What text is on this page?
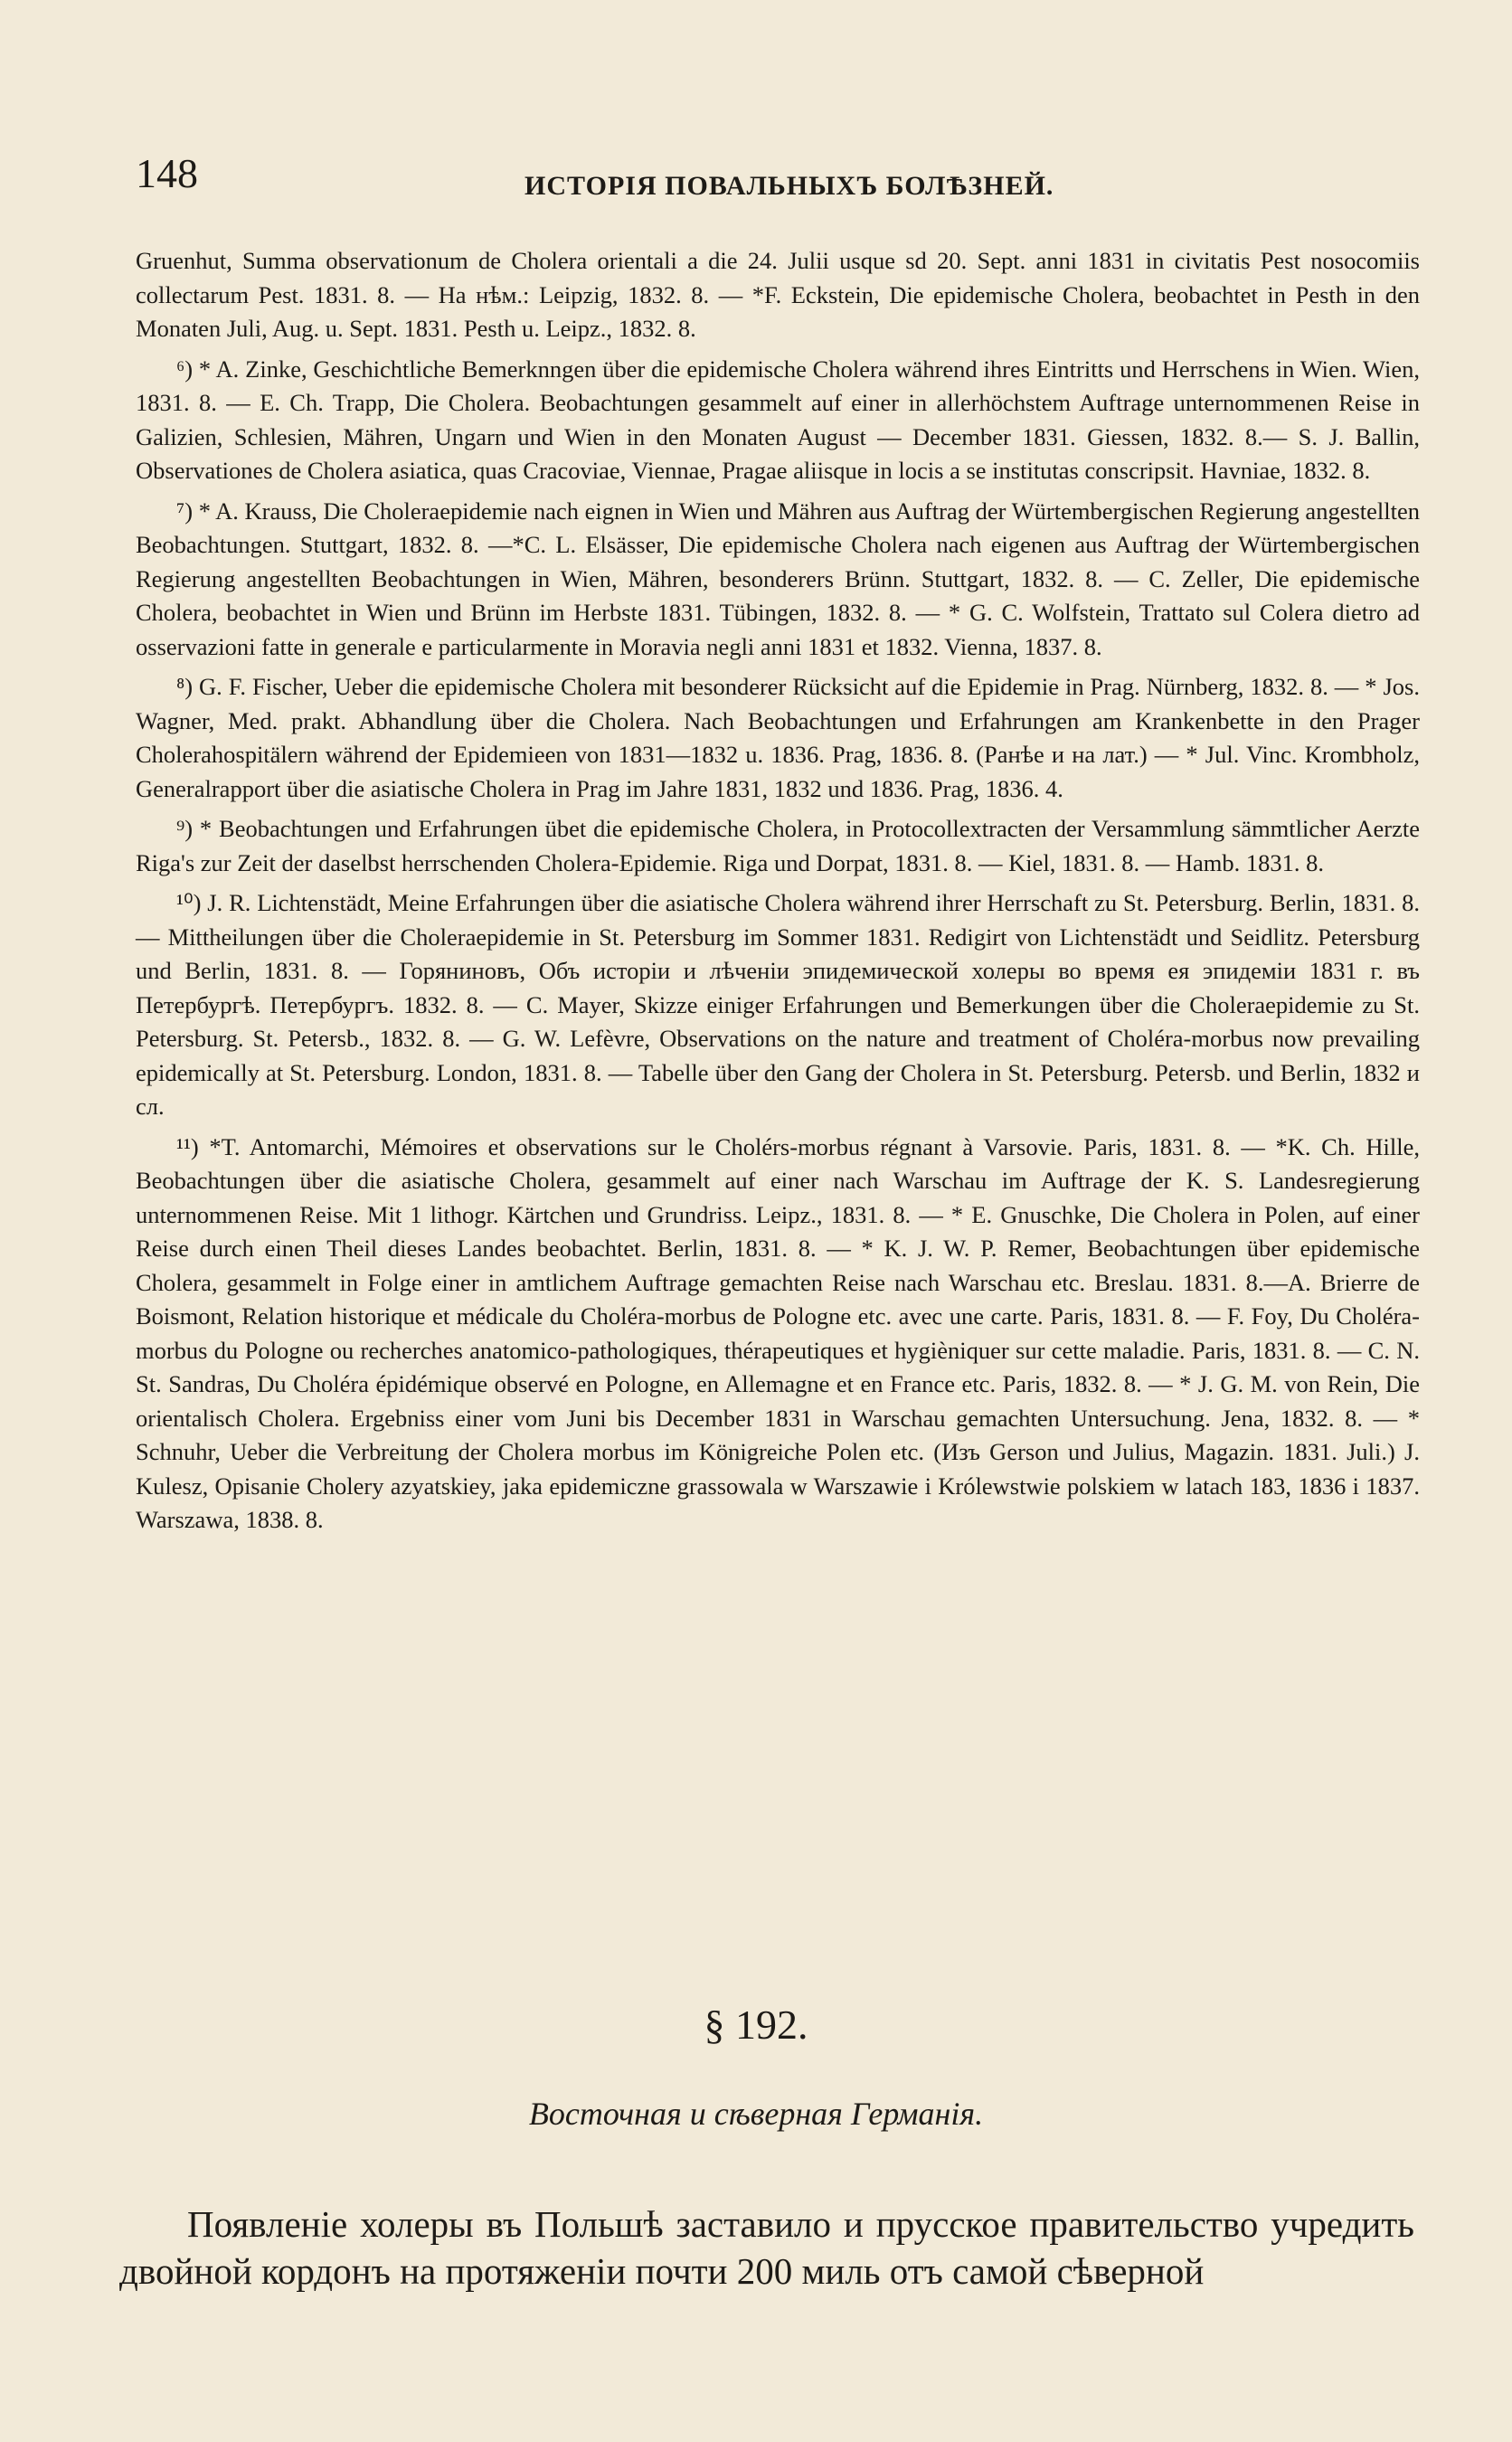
148	ИСТОРІЯ ПОВАЛЬНЫХЪ БОЛѢЗНЕЙ.

Gruenhut, Summa observationum de Cholera orientali a die 24. Julii usque sd 20. Sept. anni 1831 in civitatis Pest nosocomiis collectarum Pest. 1831. 8. — На нѣм.: Leipzig, 1832. 8. — *F. Eckstein, Die epidemische Cholera, beobachtet in Pesth in den Monaten Juli, Aug. u. Sept. 1831. Pesth u. Leipz., 1832. 8.

⁶) * A. Zinke, Geschichtliche Bemerknngen über die epidemische Cholera während ihres Eintritts und Herrschens in Wien. Wien, 1831. 8. — E. Ch. Trapp, Die Cholera. Beobachtungen gesammelt auf einer in allerhöchstem Auftrage unternommenen Reise in Galizien, Schlesien, Mähren, Ungarn und Wien in den Monaten August — December 1831. Giessen, 1832. 8.— S. J. Ballin, Observationes de Cholera asiatica, quas Cracoviae, Viennae, Pragae aliisque in locis a se institutas conscripsit. Havniae, 1832. 8.

⁷) * A. Krauss, Die Choleraepidemie nach eignen in Wien und Mähren aus Auftrag der Würtembergischen Regierung angestellten Beobachtungen. Stuttgart, 1832. 8. —*C. L. Elsässer, Die epidemische Cholera nach eigenen aus Auftrag der Würtembergischen Regierung angestellten Beobachtungen in Wien, Mähren, besonderers Brünn. Stuttgart, 1832. 8. — C. Zeller, Die epidemische Cholera, beobachtet in Wien und Brünn im Herbste 1831. Tübingen, 1832. 8. — * G. C. Wolfstein, Trattato sul Colera dietro ad osservazioni fatte in generale e particularmente in Moravia negli anni 1831 et 1832. Vienna, 1837. 8.

⁸) G. F. Fischer, Ueber die epidemische Cholera mit besonderer Rücksicht auf die Epidemie in Prag. Nürnberg, 1832. 8. — * Jos. Wagner, Med. prakt. Abhandlung über die Cholera. Nach Beobachtungen und Erfahrungen am Krankenbette in den Prager Cholerahospitälern während der Epidemieen von 1831—1832 u. 1836. Prag, 1836. 8. (Ранѣе и на лат.) — * Jul. Vinc. Krombholz, Generalrapport über die asiatische Cholera in Prag im Jahre 1831, 1832 und 1836. Prag, 1836. 4.

⁹) * Beobachtungen und Erfahrungen übet die epidemische Cholera, in Protocollextracten der Versammlung sämmtlicher Aerzte Riga's zur Zeit der daselbst herrschenden Cholera-Epidemie. Riga und Dorpat, 1831. 8. — Kiel, 1831. 8. — Hamb. 1831. 8.

¹⁰) J. R. Lichtenstädt, Meine Erfahrungen über die asiatische Cholera während ihrer Herrschaft zu St. Petersburg. Berlin, 1831. 8. — Mittheilungen über die Choleraepidemie in St. Petersburg im Sommer 1831. Redigirt von Lichtenstädt und Seidlitz. Petersburg und Berlin, 1831. 8. — Горяниновъ, Объ исторіи и лѣченіи эпидемической холеры во время ея эпидеміи 1831 г. въ Петербургѣ. Петербургъ. 1832. 8. — C. Mayer, Skizze einiger Erfahrungen und Bemerkungen über die Choleraepidemie zu St. Petersburg. St. Petersb., 1832. 8. — G. W. Lefèvre, Observations on the nature and treatment of Choléra-morbus now prevailing epidemically at St. Petersburg. London, 1831. 8. — Tabelle über den Gang der Cholera in St. Petersburg. Petersb. und Berlin, 1832 и сл.

¹¹) *T. Antomarchi, Mémoires et observations sur le Cholérs-morbus régnant à Varsovie. Paris, 1831. 8. — *K. Ch. Hille, Beobachtungen über die asiatische Cholera, gesammelt auf einer nach Warschau im Auftrage der K. S. Landesregierung unternommenen Reise. Mit 1 lithogr. Kärtchen und Grundriss. Leipz., 1831. 8. — * E. Gnuschke, Die Cholera in Polen, auf einer Reise durch einen Theil dieses Landes beobachtet. Berlin, 1831. 8. — * K. J. W. P. Remer, Beobachtungen über epidemische Cholera, gesammelt in Folge einer in amtlichem Auftrage gemachten Reise nach Warschau etc. Breslau. 1831. 8.—A. Brierre de Boismont, Relation historique et médicale du Choléra-morbus de Pologne etc. avec une carte. Paris, 1831. 8. — F. Foy, Du Choléra-morbus du Pologne ou recherches anatomico-pathologiques, thérapeutiques et hygièniquer sur cette maladie. Paris, 1831. 8. — C. N. St. Sandras, Du Choléra épidémique observé en Pologne, en Allemagne et en France etc. Paris, 1832. 8. — * J. G. M. von Rein, Die orientalisch Cholera. Ergebniss einer vom Juni bis December 1831 in Warschau gemachten Untersuchung. Jena, 1832. 8. — * Schnuhr, Ueber die Verbreitung der Cholera morbus im Königreiche Polen etc. (Изъ Gerson und Julius, Magazin. 1831. Juli.) J. Kulesz, Opisanie Cholery azyatskiey, jaka epidemiczne grassowala w Warszawie i Królewstwie polskiem w latach 183, 1836 i 1837. Warszawa, 1838. 8.

§ 192.
Восточная и сѣверная Германія.

Появленіе холеры въ Польшѣ заставило и прусское правительство учредить двойной кордонъ на протяженіи почти 200 миль отъ самой сѣверной
